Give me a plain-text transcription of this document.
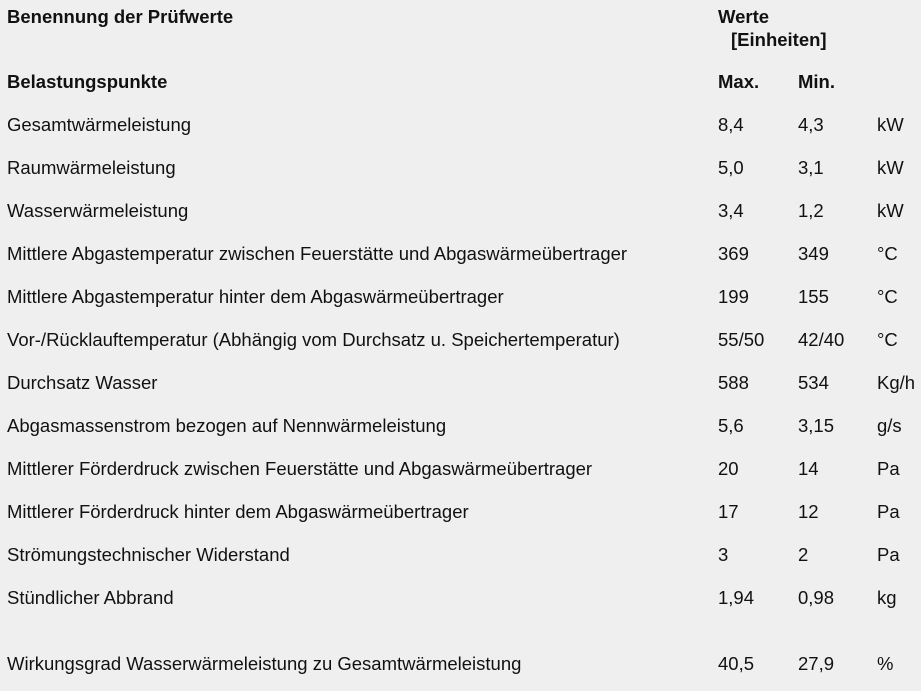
Benennung der Prüfwerte	Werte
[Einheiten]
Belastungspunkte	Max. Min.
Gesamtwärmeleistung	8,4	4,3	kW
Raumwärmeleistung	5,0	3,1	kW
Wasserwärmeleistung	3,4	1,2	kW
Mittlere Abgastemperatur zwischen Feuerstätte und Abgaswärmeübertrager	369	349	°C
Mittlere Abgastemperatur hinter dem Abgaswärmeübertrager	199	155	°C
Vor-/Rücklauftemperatur (Abhängig vom Durchsatz u. Speichertemperatur)	55/50 42/40 °C
Durchsatz Wasser	588	534	Kg/h
Abgasmassenstrom bezogen auf Nennwärmeleistung	5,6	3,15 g/s
Mittlerer Förderdruck zwischen Feuerstätte und Abgaswärmeübertrager	20	14	Pa
Mittlerer Förderdruck hinter dem Abgaswärmeübertrager	17	12	Pa
Strömungstechnischer Widerstand	3	2	Pa
Stündlicher Abbrand	1,94 0,98 kg
Wirkungsgrad Wasserwärmeleistung zu Gesamtwärmeleistung	40,5 27,9 %
